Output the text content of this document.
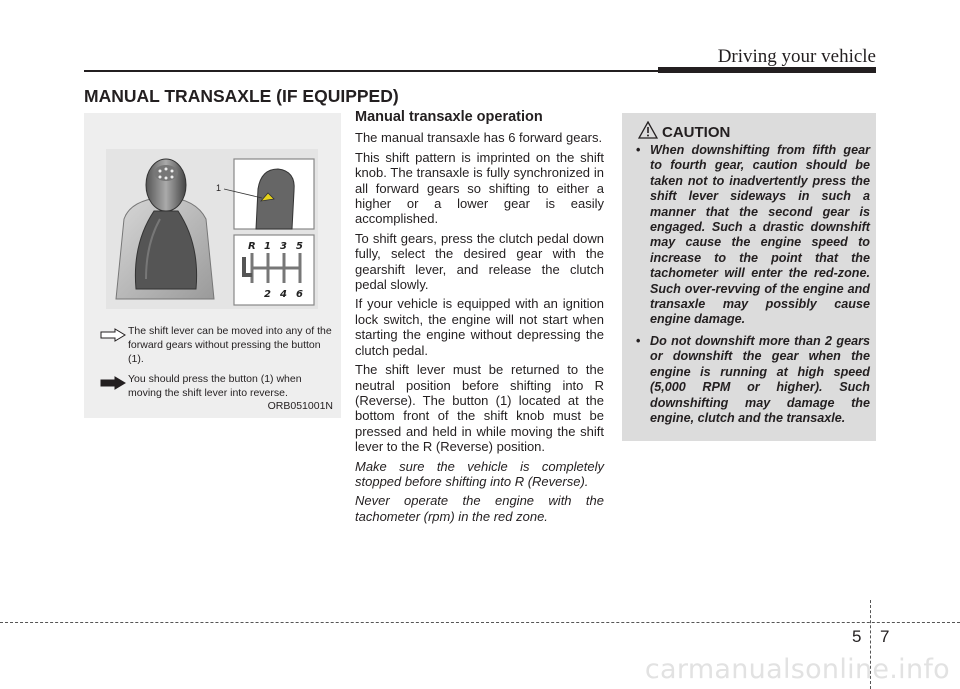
Driving your vehicle
MANUAL TRANSAXLE (IF EQUIPPED)
1
R 1 3 5
2 4 6
The shift lever can be moved into any of the forward gears without pressing the button (1).
You should press the button (1) when moving the shift lever into reverse.
ORB051001N
Manual transaxle operation

The manual transaxle has 6 forward gears.

This shift pattern is imprinted on the shift knob. The transaxle is fully synchronized in all forward gears so shifting to either a higher or a lower gear is easily accomplished.

To shift gears, press the clutch pedal down fully, select the desired gear with the gearshift lever, and release the clutch pedal slowly.

If your vehicle is equipped with an ignition lock switch, the engine will not start when starting the engine without depressing the clutch pedal.

The shift lever must be returned to the neutral position before shifting into R (Reverse). The button (1) located at the bottom front of the shift knob must be pressed and held in while moving the shift lever to the R (Reverse) position.

Make sure the vehicle is completely stopped before shifting into R (Reverse).

Never operate the engine with the tachometer (rpm) in the red zone.

CAUTION
• When downshifting from fifth gear to fourth gear, caution should be taken not to inadvertently press the shift lever sideways in such a manner that the second gear is engaged. Such a drastic downshift may cause the engine speed to increase to the point that the tachometer will enter the red-zone. Such over-revving of the engine and transaxle may possibly cause engine damage.
• Do not downshift more than 2 gears or downshift the gear when the engine is running at high speed (5,000 RPM or higher). Such downshifting may damage the engine, clutch and the transaxle.
5 7
carmanualsonline.info
